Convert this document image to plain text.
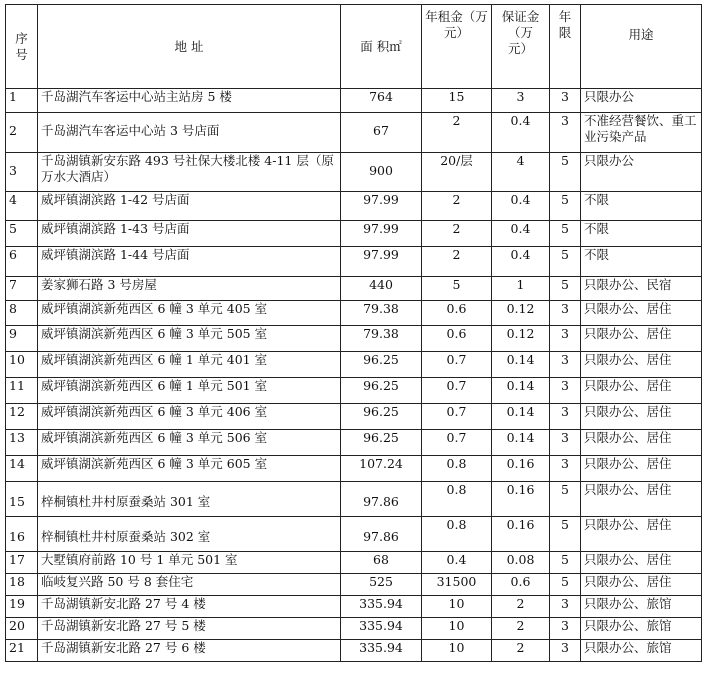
序号	地 址	面 积㎡	年租金（万元）	保证金（万元）	年限	用途
1	千岛湖汽车客运中心站主站房 5 楼	764	15	3	3	只限办公
2	千岛湖汽车客运中心站 3 号店面	67	2	0.4	3	不准经营餐饮、重工业污染产品
3	千岛湖镇新安东路 493 号社保大楼北楼 4-11 层（原万水大酒店）	900	20/层	4	5	只限办公
4	威坪镇湖滨路 1-42 号店面	97.99	2	0.4	5	不限
5	威坪镇湖滨路 1-43 号店面	97.99	2	0.4	5	不限
6	威坪镇湖滨路 1-44 号店面	97.99	2	0.4	5	不限
7	姜家狮石路 3 号房屋	440	5	1	5	只限办公、民宿
8	威坪镇湖滨新苑西区 6 幢 3 单元 405 室	79.38	0.6	0.12	3	只限办公、居住
9	威坪镇湖滨新苑西区 6 幢 3 单元 505 室	79.38	0.6	0.12	3	只限办公、居住
10	威坪镇湖滨新苑西区 6 幢 1 单元 401 室	96.25	0.7	0.14	3	只限办公、居住
11	威坪镇湖滨新苑西区 6 幢 1 单元 501 室	96.25	0.7	0.14	3	只限办公、居住
12	威坪镇湖滨新苑西区 6 幢 3 单元 406 室	96.25	0.7	0.14	3	只限办公、居住
13	威坪镇湖滨新苑西区 6 幢 3 单元 506 室	96.25	0.7	0.14	3	只限办公、居住
14	威坪镇湖滨新苑西区 6 幢 3 单元 605 室	107.24	0.8	0.16	3	只限办公、居住
15	梓桐镇杜井村原蚕桑站 301 室	97.86	0.8	0.16	5	只限办公、居住
16	梓桐镇杜井村原蚕桑站 302 室	97.86	0.8	0.16	5	只限办公、居住
17	大墅镇府前路 10 号 1 单元 501 室	68	0.4	0.08	5	只限办公、居住
18	临岐复兴路 50 号 8 套住宅	525	31500	0.6	5	只限办公、居住
19	千岛湖镇新安北路 27 号 4 楼	335.94	10	2	3	只限办公、旅馆
20	千岛湖镇新安北路 27 号 5 楼	335.94	10	2	3	只限办公、旅馆
21	千岛湖镇新安北路 27 号 6 楼	335.94	10	2	3	只限办公、旅馆
